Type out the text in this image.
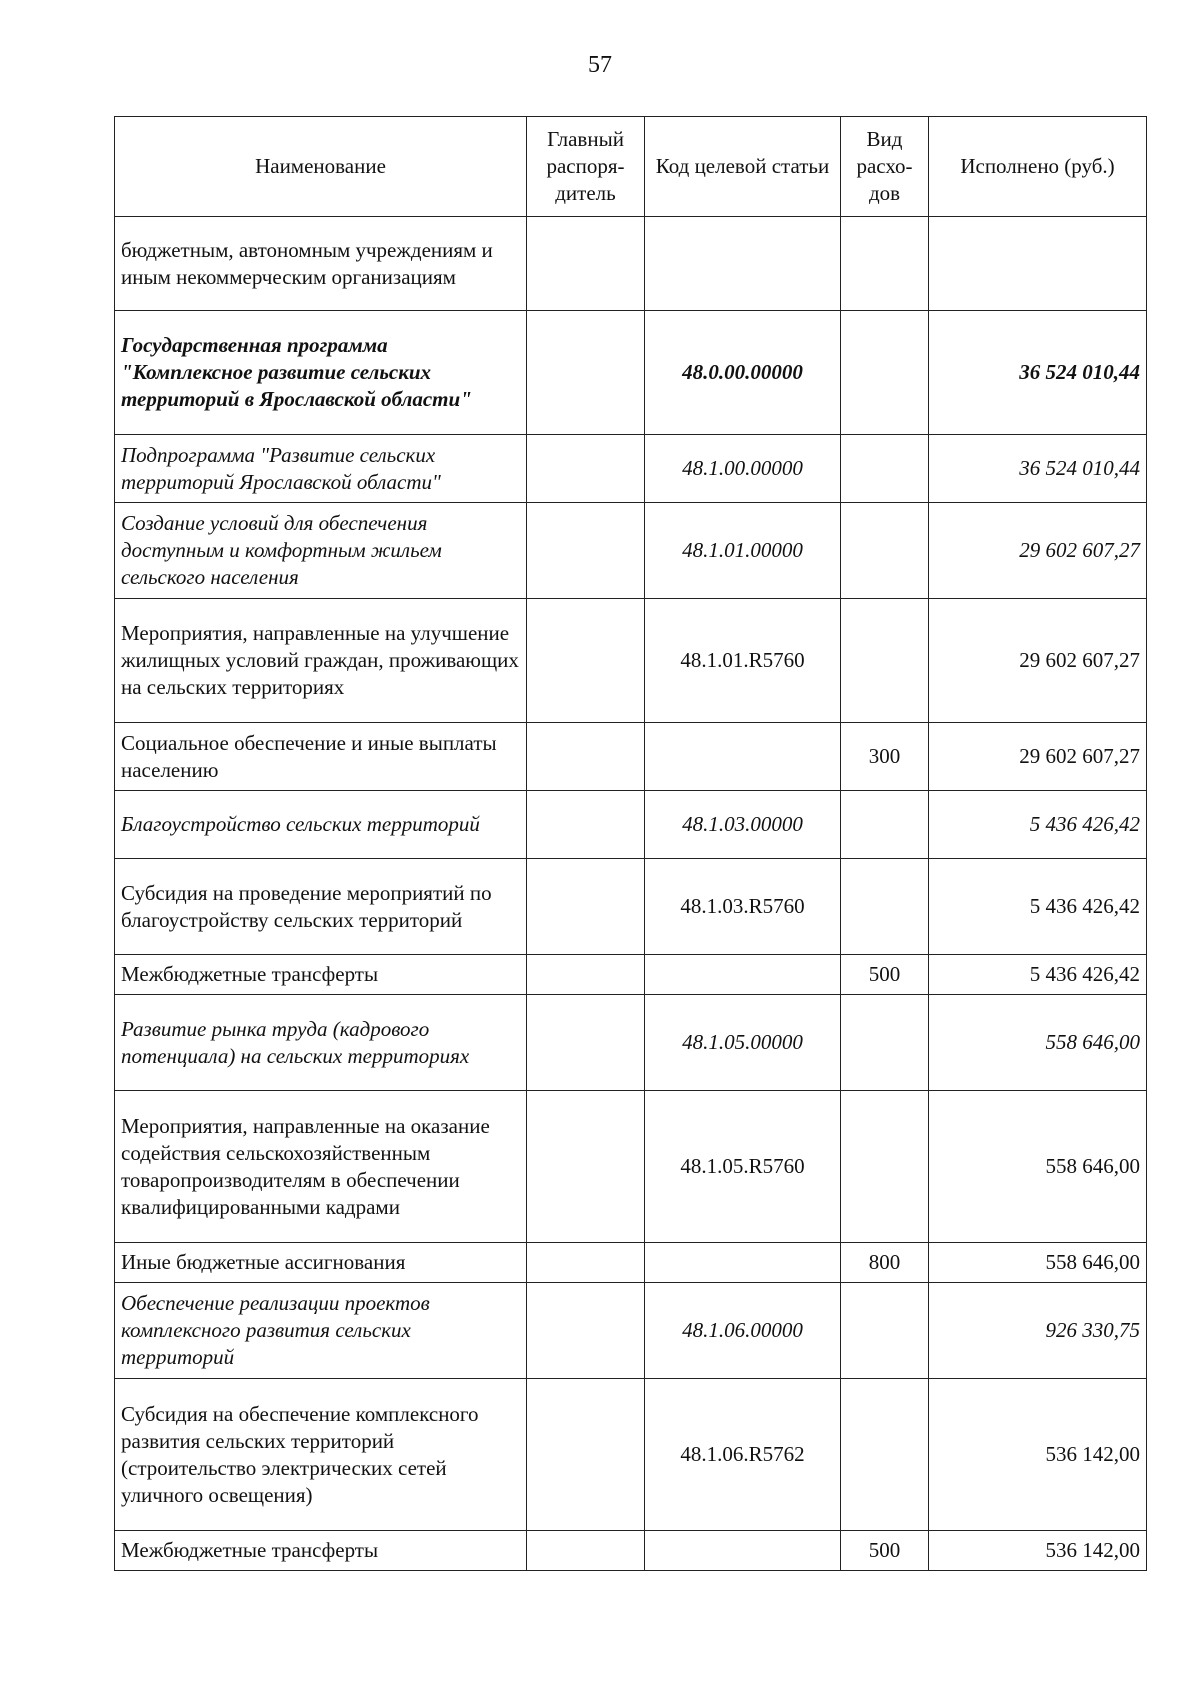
57
Наименование	Главный распоря-дитель	Код целевой статьи	Вид расхо-дов	Исполнено (руб.)
бюджетным, автономным учреждениям и иным некоммерческим организациям				
Государственная программа "Комплексное развитие сельских территорий в Ярославской области"		48.0.00.00000		36 524 010,44
Подпрограмма "Развитие сельских территорий Ярославской области"		48.1.00.00000		36 524 010,44
Создание условий для обеспечения доступным и комфортным жильем сельского населения		48.1.01.00000		29 602 607,27
Мероприятия, направленные на улучшение жилищных условий граждан, проживающих на сельских территориях		48.1.01.R5760		29 602 607,27
Социальное обеспечение и иные выплаты населению			300	29 602 607,27
Благоустройство сельских территорий		48.1.03.00000		5 436 426,42
Субсидия на проведение мероприятий по благоустройству сельских территорий		48.1.03.R5760		5 436 426,42
Межбюджетные трансферты			500	5 436 426,42
Развитие рынка труда (кадрового потенциала) на сельских территориях		48.1.05.00000		558 646,00
Мероприятия, направленные на оказание содействия сельскохозяйственным товаропроизводителям в обеспечении квалифицированными кадрами		48.1.05.R5760		558 646,00
Иные бюджетные ассигнования			800	558 646,00
Обеспечение реализации проектов комплексного развития сельских территорий		48.1.06.00000		926 330,75
Субсидия на обеспечение комплексного развития сельских территорий (строительство электрических сетей уличного освещения)		48.1.06.R5762		536 142,00
Межбюджетные трансферты			500	536 142,00
